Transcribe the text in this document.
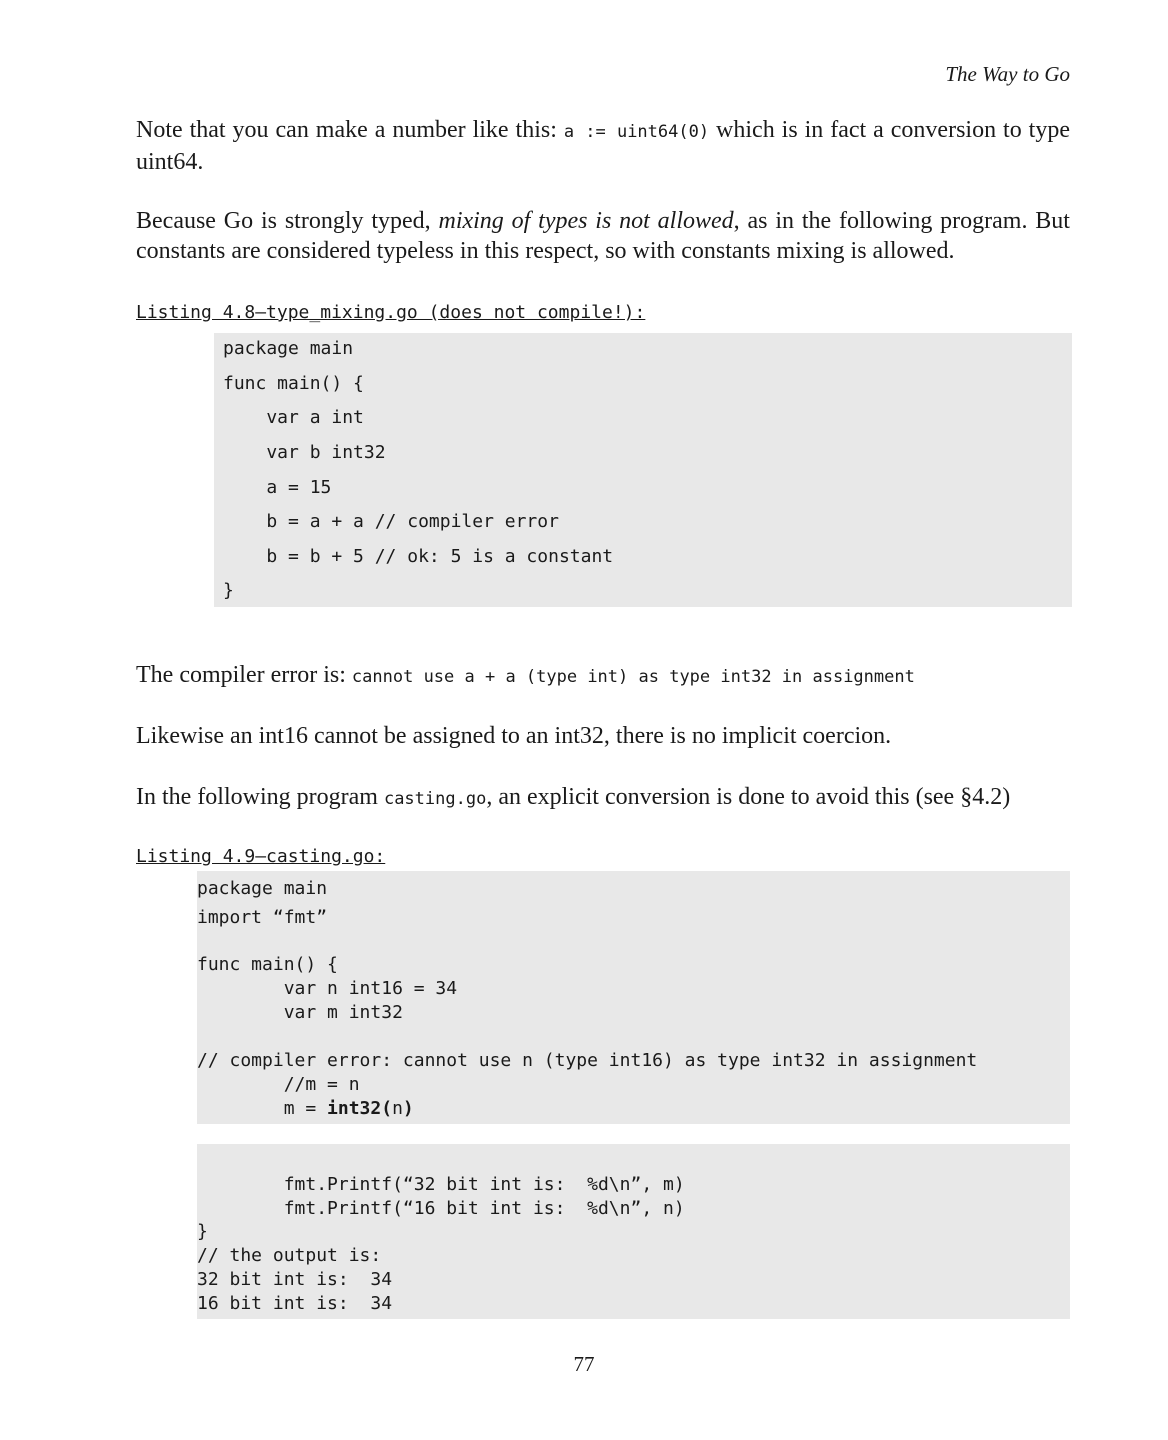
The Way to Go

Note that you can make a number like this: a := uint64(0) which is in fact a conversion to type uint64.

Because Go is strongly typed, mixing of types is not allowed, as in the following program. But constants are considered typeless in this respect, so with constants mixing is allowed.

Listing 4.8—type_mixing.go (does not compile!):
package main
func main() {
var a int
var b int32
a = 15
b = a + a // compiler error
b = b + 5 // ok: 5 is a constant
}

The compiler error is: cannot use a + a (type int) as type int32 in assignment

Likewise an int16 cannot be assigned to an int32, there is no implicit coercion.

In the following program casting.go, an explicit conversion is done to avoid this (see §4.2)

Listing 4.9—casting.go:
package main
import “fmt”
func main() {
var n int16 = 34
var m int32
// compiler error: cannot use n (type int16) as type int32 in assignment
//m = n
m = int32(n)
fmt.Printf(“32 bit int is:  %d\n”, m)
fmt.Printf(“16 bit int is:  %d\n”, n)
}
// the output is:
32 bit int is:  34
16 bit int is:  34
77
